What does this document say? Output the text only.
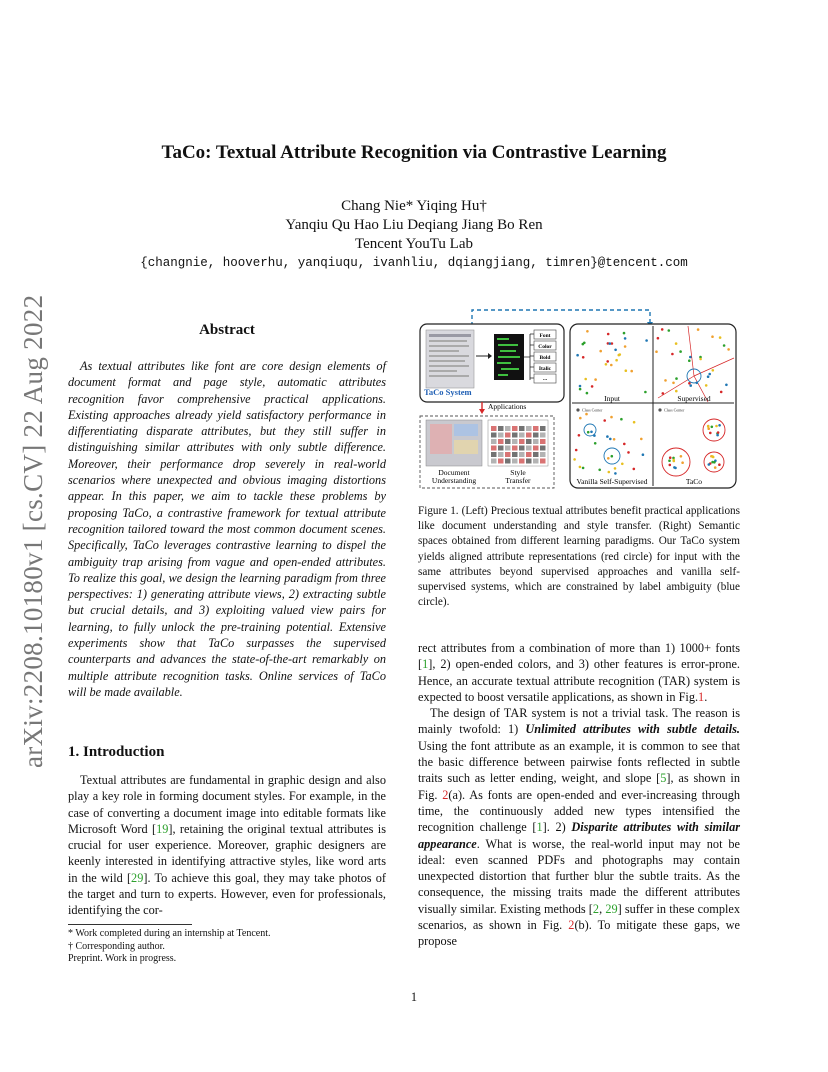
TaCo: Textual Attribute Recognition via Contrastive Learning
Chang Nie* Yiqing Hu†
Yanqiu Qu Hao Liu Deqiang Jiang Bo Ren
Tencent YouTu Lab
{changnie, hooverhu, yanqiuqu, ivanhliu, dqiangjiang, timren}@tencent.com
arXiv:2208.10180v1 [cs.CV] 22 Aug 2022	Abstract
As textual attributes like font are core design elements of document format and page style, automatic attributes recognition favor comprehensive practical applications. Existing approaches already yield satisfactory performance in differentiating disparate attributes, but they still suffer in distinguishing similar attributes with only subtle difference. Moreover, their performance drop severely in real-world scenarios where unexpected and obvious imaging distortions appear. In this paper, we aim to tackle these problems by proposing TaCo, a contrastive framework for textual attribute recognition tailored toward the most common document scenes. Specifically, TaCo leverages contrastive learning to dispel the ambiguity trap arising from vague and open-ended attributes. To realize this goal, we design the learning paradigm from three perspectives: 1) generating attribute views, 2) extracting subtle but crucial details, and 3) exploiting valued view pairs for learning, to fully unlock the pre-training potential. Extensive experiments show that TaCo surpasses the supervised counterparts and advances the state-of-the-art remarkably on multiple attribute recognition tasks. Online services of TaCo will be made available.
1. Introduction
Textual attributes are fundamental in graphic design and also play a key role in forming document styles. For example, in the case of converting a document image into editable formats like Microsoft Word [19], retaining the original textual attributes is crucial for user experience. Moreover, graphic designers are keenly interested in identifying attractive styles, like word arts in the wild [29]. To achieve this goal, they may take photos of the target and turn to experts. However, even for professionals, identifying the cor-
* Work completed during an internship at Tencent.
† Corresponding author.
Preprint. Work in progress.
Font
Color
Bold
Italic
...
TaCo System
Applications
Document
Understanding
Style
Transfer
Input	Supervised
Vanilla Self-Supervised	TaCo
Class Center	Class Center
Figure 1. (Left) Precious textual attributes benefit practical applications like document understanding and style transfer. (Right) Semantic spaces obtained from different learning paradigms. Our TaCo system yields aligned attribute representations (red circle) for input with the same attributes beyond supervised approaches and vanilla self-supervised systems, which are constrained by label ambiguity (blue circle).

rect attributes from a combination of more than 1) 1000+ fonts [1], 2) open-ended colors, and 3) other features is error-prone. Hence, an accurate textual attribute recognition (TAR) system is expected to boost versatile applications, as shown in Fig.1.

The design of TAR system is not a trivial task. The reason is mainly twofold: 1) Unlimited attributes with subtle details. Using the font attribute as an example, it is common to see that the basic difference between pairwise fonts reflected in subtle traits such as letter ending, weight, and slope [5], as shown in Fig. 2(a). As fonts are open-ended and ever-increasing through time, the continuously added new types intensified the recognition challenge [1]. 2) Disparite attributes with similar appearance. What is worse, the real-world input may not be ideal: even scanned PDFs and photographs may contain unexpected distortion that further blur the subtle traits. As the consequence, the missing traits made the different attributes visually similar. Existing methods [2, 29] suffer in these complex scenarios, as shown in Fig. 2(b). To mitigate these gaps, we propose

1
